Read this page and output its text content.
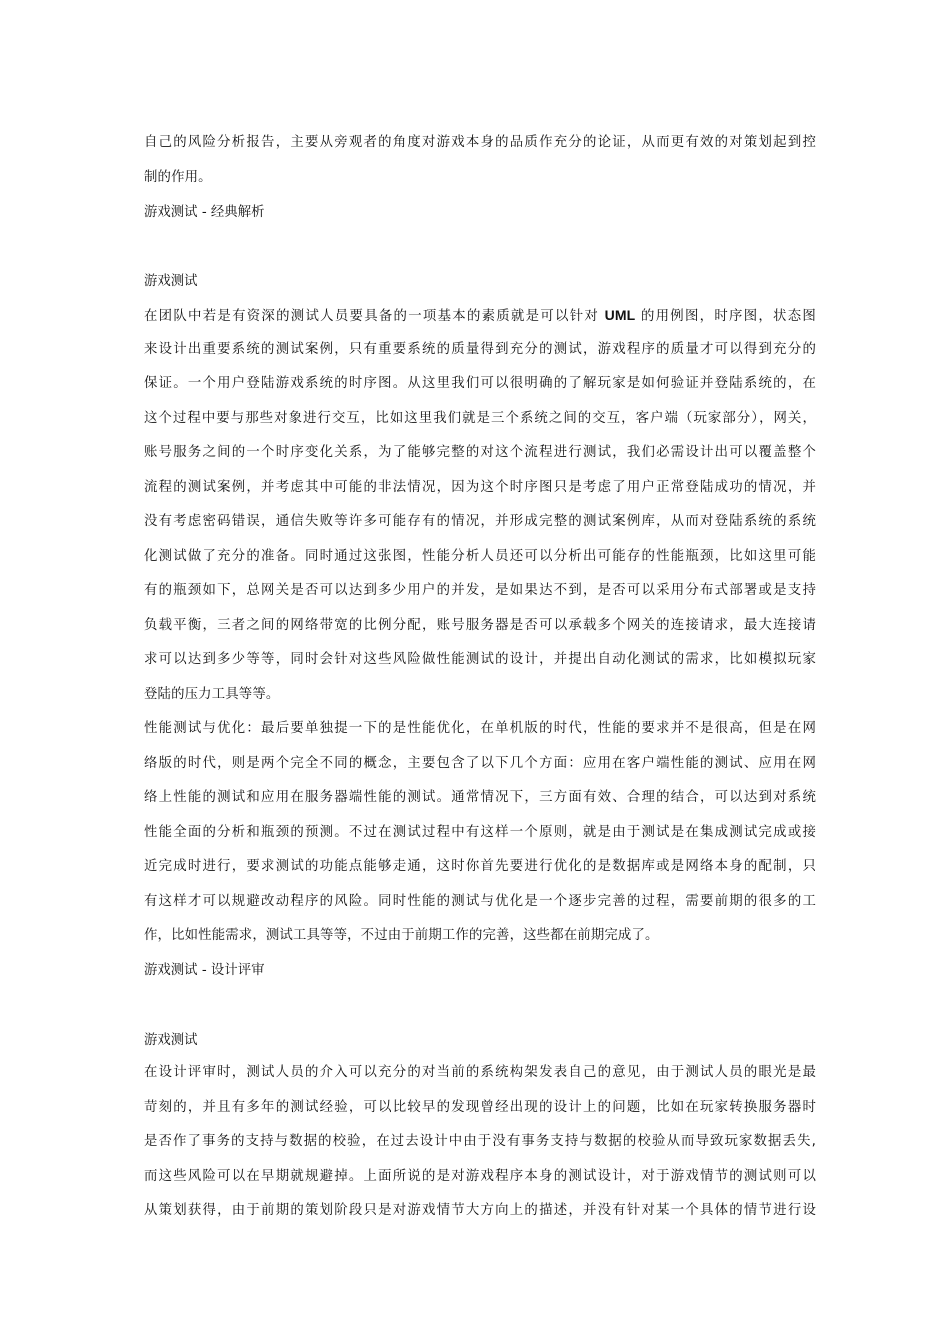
自己的风险分析报告，主要从旁观者的角度对游戏本身的品质作充分的论证，从而更有效的对策划起到控
制的作用。
游戏测试 - 经典解析
游戏测试
在团队中若是有资深的测试人员要具备的一项基本的素质就是可以针对 UML 的用例图，时序图，状态图
来设计出重要系统的测试案例，只有重要系统的质量得到充分的测试，游戏程序的质量才可以得到充分的
保证。一个用户登陆游戏系统的时序图。从这里我们可以很明确的了解玩家是如何验证并登陆系统的，在
这个过程中要与那些对象进行交互，比如这里我们就是三个系统之间的交互，客户端（玩家部分），网关，
账号服务之间的一个时序变化关系，为了能够完整的对这个流程进行测试，我们必需设计出可以覆盖整个
流程的测试案例，并考虑其中可能的非法情况，因为这个时序图只是考虑了用户正常登陆成功的情况，并
没有考虑密码错误，通信失败等许多可能存有的情况，并形成完整的测试案例库，从而对登陆系统的系统
化测试做了充分的准备。同时通过这张图，性能分析人员还可以分析出可能存的性能瓶颈，比如这里可能
有的瓶颈如下，总网关是否可以达到多少用户的并发，是如果达不到，是否可以采用分布式部署或是支持
负载平衡，三者之间的网络带宽的比例分配，账号服务器是否可以承载多个网关的连接请求，最大连接请
求可以达到多少等等，同时会针对这些风险做性能测试的设计，并提出自动化测试的需求，比如模拟玩家
登陆的压力工具等等。
性能测试与优化：最后要单独提一下的是性能优化，在单机版的时代，性能的要求并不是很高，但是在网
络版的时代，则是两个完全不同的概念，主要包含了以下几个方面：应用在客户端性能的测试、应用在网
络上性能的测试和应用在服务器端性能的测试。通常情况下，三方面有效、合理的结合，可以达到对系统
性能全面的分析和瓶颈的预测。不过在测试过程中有这样一个原则，就是由于测试是在集成测试完成或接
近完成时进行，要求测试的功能点能够走通，这时你首先要进行优化的是数据库或是网络本身的配制，只
有这样才可以规避改动程序的风险。同时性能的测试与优化是一个逐步完善的过程，需要前期的很多的工
作，比如性能需求，测试工具等等，不过由于前期工作的完善，这些都在前期完成了。
游戏测试 - 设计评审
游戏测试
在设计评审时，测试人员的介入可以充分的对当前的系统构架发表自己的意见，由于测试人员的眼光是最
苛刻的，并且有多年的测试经验，可以比较早的发现曾经出现的设计上的问题，比如在玩家转换服务器时
是否作了事务的支持与数据的校验，在过去设计中由于没有事务支持与数据的校验从而导致玩家数据丢失,
而这些风险可以在早期就规避掉。上面所说的是对游戏程序本身的测试设计，对于游戏情节的测试则可以
从策划获得，由于前期的策划阶段只是对游戏情节大方向上的描述，并没有针对某一个具体的情节进行设
